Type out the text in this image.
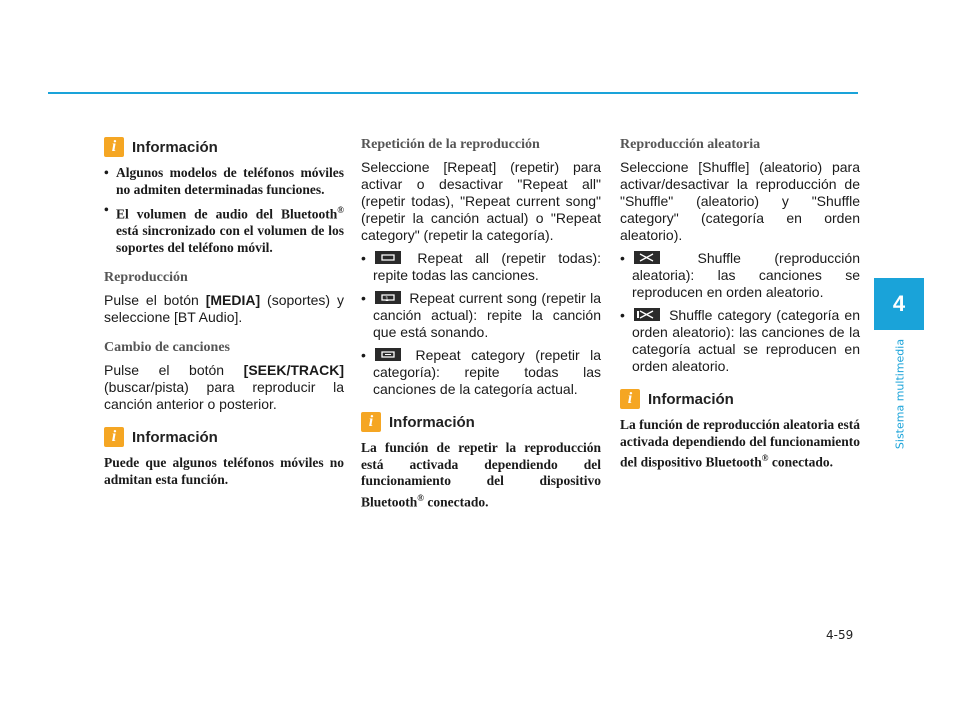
i	Información
• Algunos modelos de teléfonos móviles no admiten determinadas funciones.
• El volumen de audio del Bluetooth® está sincronizado con el volumen de los soportes del teléfono móvil.
Reproducción
Pulse el botón [MEDIA] (soportes) y seleccione [BT Audio].
Cambio de canciones
Pulse el botón [SEEK/TRACK] (buscar/pista) para reproducir la canción anterior o posterior.
i	Información
Puede que algunos teléfonos móviles no admitan esta función.
Repetición de la reproducción
Seleccione [Repeat] (repetir) para activar o desactivar "Repeat all" (repetir todas), "Repeat current song" (repetir la canción actual) o "Repeat category" (repetir la categoría).
• Repeat all (repetir todas): repite todas las canciones.
• 1 Repeat current song (repetir la canción actual): repite la canción que está sonando.
• Repeat category (repetir la categoría): repite todas las canciones de la categoría actual.
i	Información
La función de repetir la reproducción está activada dependiendo del funcionamiento del dispositivo Bluetooth® conectado.
Reproducción aleatoria
Seleccione [Shuffle] (aleatorio) para activar/desactivar la reproducción de "Shuffle" (aleatorio) y "Shuffle category" (categoría en orden aleatorio).
• Shuffle (reproducción aleatoria): las canciones se reproducen en orden aleatorio.
• Shuffle category (categoría en orden aleatorio): las canciones de la categoría actual se reproducen en orden aleatorio.
i	Información
La función de reproducción aleatoria está activada dependiendo del funcionamiento del dispositivo Bluetooth® conectado.
4
Sistema multimedia
4-59
